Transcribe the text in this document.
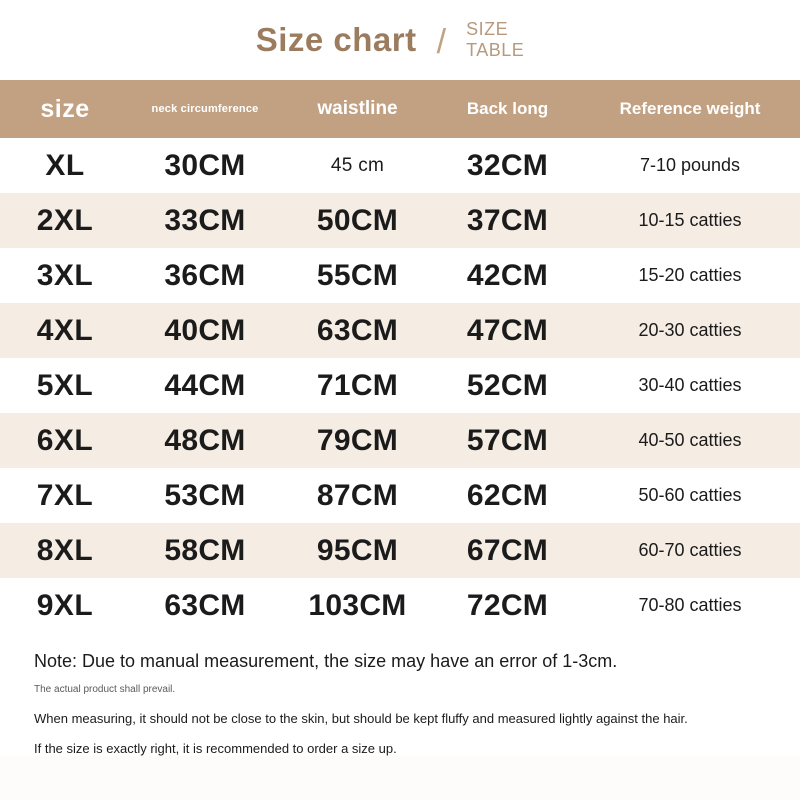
Size chart / SIZE
TABLE
size	neck circumference	waistline	Back long	Reference weight
XL	30CM	45 cm	32CM	7-10 pounds
2XL	33CM	50CM	37CM	10-15 catties
3XL	36CM	55CM	42CM	15-20 catties
4XL	40CM	63CM	47CM	20-30 catties
5XL	44CM	71CM	52CM	30-40 catties
6XL	48CM	79CM	57CM	40-50 catties
7XL	53CM	87CM	62CM	50-60 catties
8XL	58CM	95CM	67CM	60-70 catties
9XL	63CM	103CM	72CM	70-80 catties
Note: Due to manual measurement, the size may have an error of 1-3cm.
The actual product shall prevail.
When measuring, it should not be close to the skin, but should be kept fluffy and measured lightly against the hair.
If the size is exactly right, it is recommended to order a size up.
